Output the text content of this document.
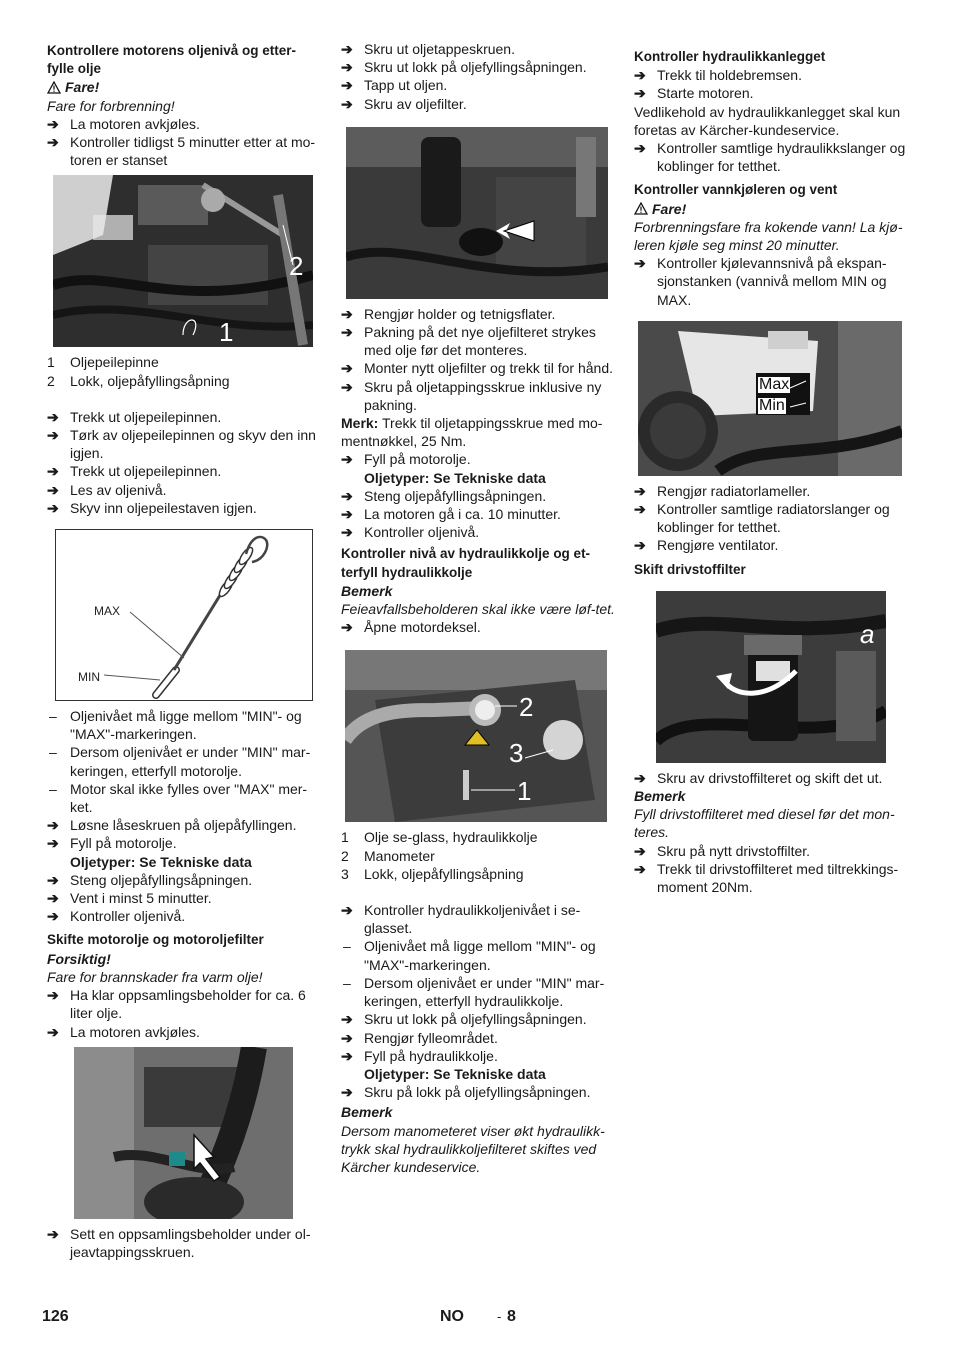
Kontrollere motorens oljenivå og etter-fylle olje
Fare!
Fare for forbrenning!
➔ La motoren avkjøles.
➔ Kontroller tidligst 5 minutter etter at mo-toren er stanset
2
1
1 Oljepeilepinne
2 Lokk, oljepåfyllingsåpning
➔ Trekk ut oljepeilepinnen.
➔ Tørk av oljepeilepinnen og skyv den inn igjen.
➔ Trekk ut oljepeilepinnen.
➔ Les av oljenivå.
➔ Skyv inn oljepeilestaven igjen.
MAX
MIN
– Oljenivået må ligge mellom "MIN"- og "MAX"-markeringen.
– Dersom oljenivået er under "MIN" mar-keringen, etterfyll motorolje.
– Motor skal ikke fylles over "MAX" mer-ket.
➔ Løsne låseskruen på oljepåfyllingen.
➔ Fyll på motorolje.
Oljetyper: Se Tekniske data
➔ Steng oljepåfyllingsåpningen.
➔ Vent i minst 5 minutter.
➔ Kontroller oljenivå.
Skifte motorolje og motoroljefilter
Forsiktig!
Fare for brannskader fra varm olje!
➔ Ha klar oppsamlingsbeholder for ca. 6 liter olje.
➔ La motoren avkjøles.
➔ Sett en oppsamlingsbeholder under ol-jeavtappingsskruen.
➔ Skru ut oljetappeskruen.
➔ Skru ut lokk på oljefyllingsåpningen.
➔ Tapp ut oljen.
➔ Skru av oljefilter.
➔ Rengjør holder og tetnigsflater.
➔ Pakning på det nye oljefilteret strykes med olje før det monteres.
➔ Monter nytt oljefilter og trekk til for hånd.
➔ Skru på oljetappingsskrue inklusive ny pakning.
Merk: Trekk til oljetappingsskrue med mo-mentnøkkel, 25 Nm.
➔ Fyll på motorolje.
Oljetyper: Se Tekniske data
➔ Steng oljepåfyllingsåpningen.
➔ La motoren gå i ca. 10 minutter.
➔ Kontroller oljenivå.
Kontroller nivå av hydraulikkolje og et-terfyll hydraulikkolje
Bemerk
Feieavfallsbeholderen skal ikke være løf-tet.
➔ Åpne motordeksel.
2
3
1
1 Olje se-glass, hydraulikkolje
2 Manometer
3 Lokk, oljepåfyllingsåpning
➔ Kontroller hydraulikkoljenivået i se-glasset.
– Oljenivået må ligge mellom "MIN"- og "MAX"-markeringen.
– Dersom oljenivået er under "MIN" mar-keringen, etterfyll hydraulikkolje.
➔ Skru ut lokk på oljefyllingsåpningen.
➔ Rengjør fylleområdet.
➔ Fyll på hydraulikkolje.
Oljetyper: Se Tekniske data
➔ Skru på lokk på oljefyllingsåpningen.
Bemerk
Dersom manometeret viser økt hydraulikk-trykk skal hydraulikkoljefilteret skiftes ved Kärcher kundeservice.
Kontroller hydraulikkanlegget
➔ Trekk til holdebremsen.
➔ Starte motoren.
Vedlikehold av hydraulikkanlegget skal kun foretas av Kärcher-kundeservice.
➔ Kontroller samtlige hydraulikkslanger og koblinger for tetthet.
Kontroller vannkjøleren og vent
Fare!
Forbrenningsfare fra kokende vann! La kjø-leren kjøle seg minst 20 minutter.
➔ Kontroller kjølevannsnivå på ekspan-sjonstanken (vannivå mellom MIN og MAX.
Max
Min
➔ Rengjør radiatorlameller.
➔ Kontroller samtlige radiatorslanger og koblinger for tetthet.
➔ Rengjøre ventilator.
Skift drivstoffilter
a
➔ Skru av drivstoffilteret og skift det ut.
Bemerk
Fyll drivstoffilteret med diesel før det mon-teres.
➔ Skru på nytt drivstoffilter.
➔ Trekk til drivstoffilteret med tiltrekkings-moment 20Nm.
126	NO	- 8
